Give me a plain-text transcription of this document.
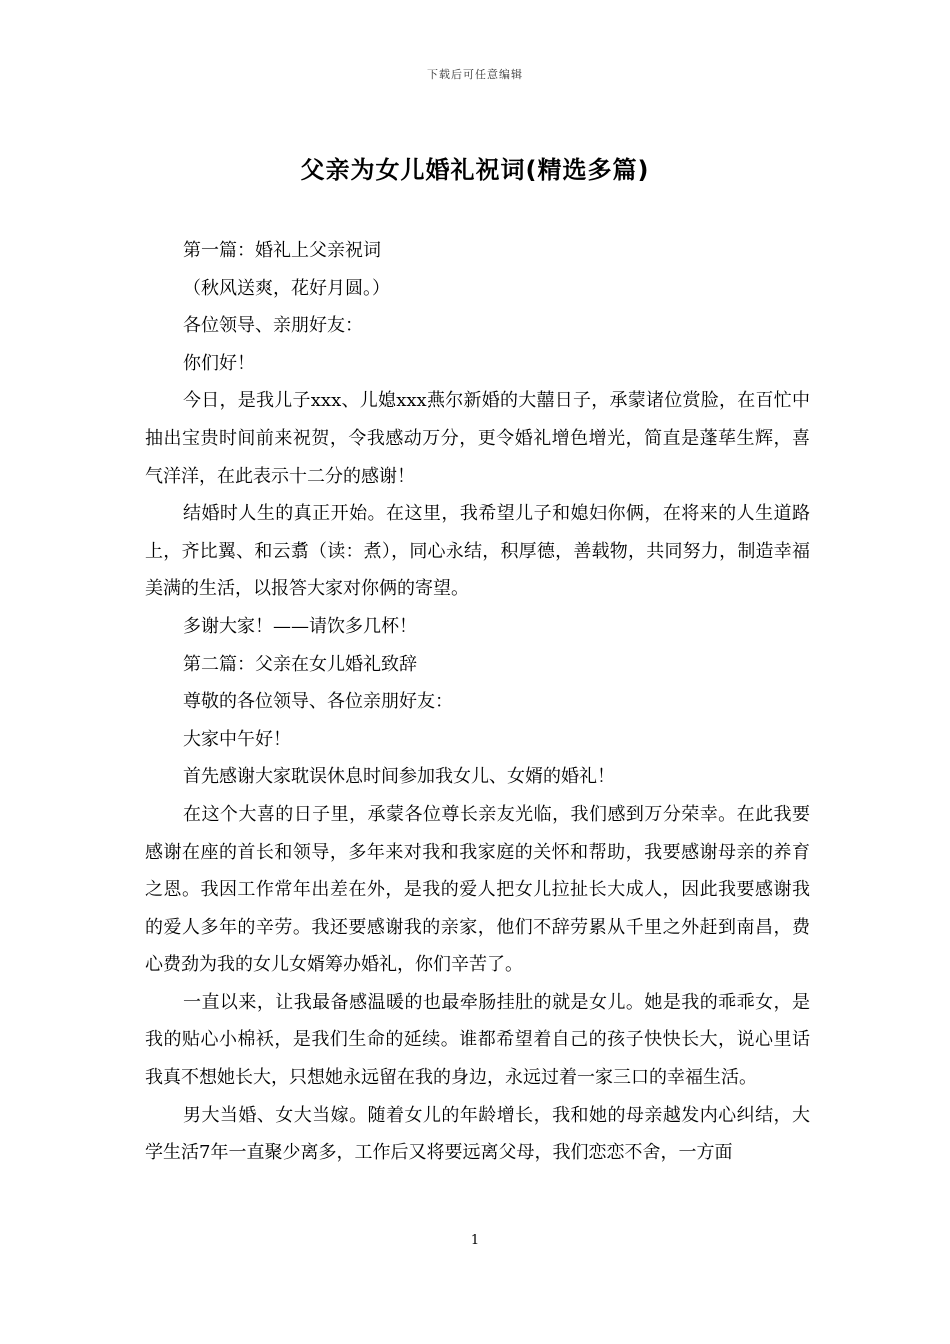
下载后可任意编辑
父亲为女儿婚礼祝词(精选多篇)

第一篇：婚礼上父亲祝词

（秋风送爽，花好月圆。）

各位领导、亲朋好友：

你们好！

今日，是我儿子xxx、儿媳xxx燕尔新婚的大囍日子，承蒙诸位赏脸，在百忙中抽出宝贵时间前来祝贺，令我感动万分，更令婚礼增色增光，简直是蓬荜生辉，喜气洋洋，在此表示十二分的感谢！

结婚时人生的真正开始。在这里，我希望儿子和媳妇你俩，在将来的人生道路上，齐比翼、和云翥（读：煮），同心永结，积厚德，善载物，共同努力，制造幸福美满的生活，以报答大家对你俩的寄望。

多谢大家！——请饮多几杯！

第二篇：父亲在女儿婚礼致辞

尊敬的各位领导、各位亲朋好友：

大家中午好！

首先感谢大家耽误休息时间参加我女儿、女婿的婚礼！

在这个大喜的日子里，承蒙各位尊长亲友光临，我们感到万分荣幸。在此我要感谢在座的首长和领导，多年来对我和我家庭的关怀和帮助，我要感谢母亲的养育之恩。我因工作常年出差在外，是我的爱人把女儿拉扯长大成人，因此我要感谢我的爱人多年的辛劳。我还要感谢我的亲家，他们不辞劳累从千里之外赶到南昌，费心费劲为我的女儿女婿筹办婚礼，你们辛苦了。

一直以来，让我最备感温暖的也最牵肠挂肚的就是女儿。她是我的乖乖女，是我的贴心小棉袄，是我们生命的延续。谁都希望着自己的孩子快快长大，说心里话我真不想她长大，只想她永远留在我的身边，永远过着一家三口的幸福生活。

男大当婚、女大当嫁。随着女儿的年龄增长，我和她的母亲越发内心纠结，大学生活7年一直聚少离多，工作后又将要远离父母，我们恋恋不舍，一方面

1
